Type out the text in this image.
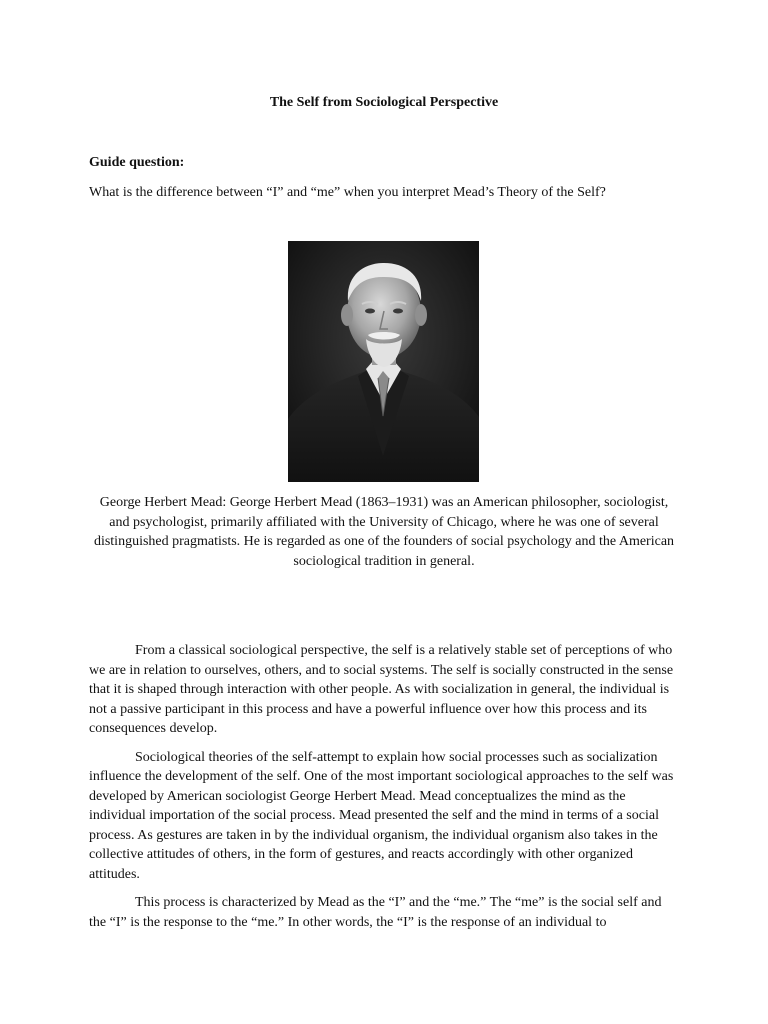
The Self from Sociological Perspective
Guide question:
What is the difference between “I” and “me” when you interpret Mead’s Theory of the Self?
George Herbert Mead: George Herbert Mead (1863–1931) was an American philosopher, sociologist, and psychologist, primarily affiliated with the University of Chicago, where he was one of several distinguished pragmatists. He is regarded as one of the founders of social psychology and the American sociological tradition in general.

From a classical sociological perspective, the self is a relatively stable set of perceptions of who we are in relation to ourselves, others, and to social systems. The self is socially constructed in the sense that it is shaped through interaction with other people. As with socialization in general, the individual is not a passive participant in this process and have a powerful influence over how this process and its consequences develop.

Sociological theories of the self-attempt to explain how social processes such as socialization influence the development of the self. One of the most important sociological approaches to the self was developed by American sociologist George Herbert Mead. Mead conceptualizes the mind as the individual importation of the social process. Mead presented the self and the mind in terms of a social process. As gestures are taken in by the individual organism, the individual organism also takes in the collective attitudes of others, in the form of gestures, and reacts accordingly with other organized attitudes.

This process is characterized by Mead as the “I” and the “me.” The “me” is the social self and the “I” is the response to the “me.” In other words, the “I” is the response of an individual to
